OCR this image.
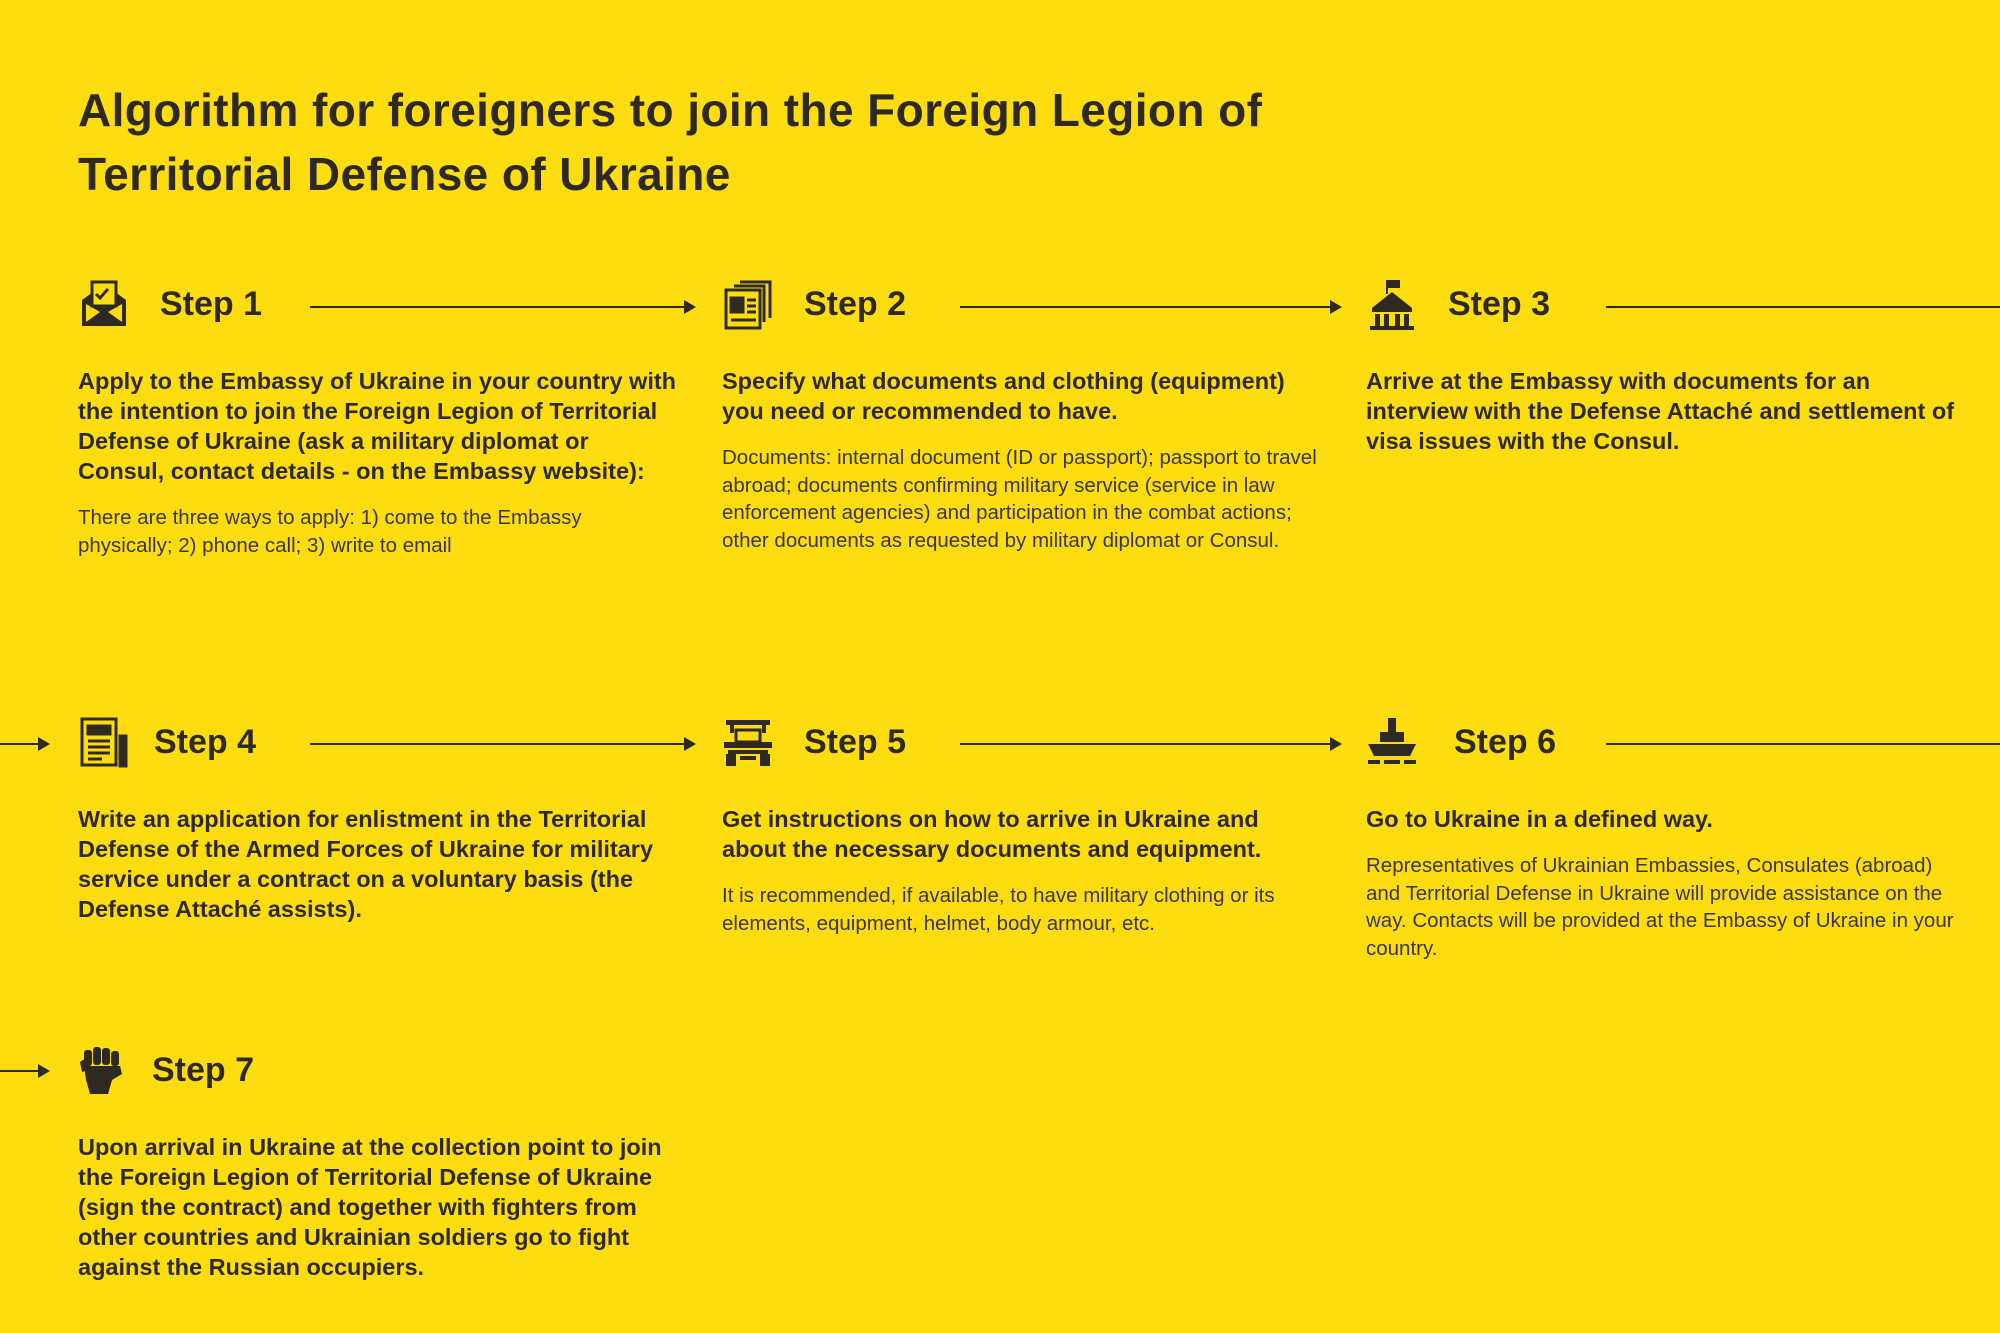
Algorithm for foreigners to join the Foreign Legion of Territorial Defense of Ukraine
Step 1

Apply to the Embassy of Ukraine in your country with the intention to join the Foreign Legion of Territorial Defense of Ukraine (ask a military diplomat or Consul, contact details - on the Embassy website):

There are three ways to apply: 1) come to the Embassy physically; 2) phone call; 3) write to email

Step 2

Specify what documents and clothing (equipment) you need or recommended to have.

Documents: internal document (ID or passport); passport to travel abroad; documents confirming military service (service in law enforcement agencies) and participation in the combat actions; other documents as requested by military diplomat or Consul.

Step 3

Arrive at the Embassy with documents for an interview with the Defense Attaché and settlement of visa issues with the Consul.

Step 4

Write an application for enlistment in the Territorial Defense of the Armed Forces of Ukraine for military service under a contract on a voluntary basis (the Defense Attaché assists).

Step 5

Get instructions on how to arrive in Ukraine and about the necessary documents and equipment.

It is recommended, if available, to have military clothing or its elements, equipment, helmet, body armour, etc.

Step 6

Go to Ukraine in a defined way.

Representatives of Ukrainian Embassies, Consulates (abroad) and Territorial Defense in Ukraine will provide assistance on the way. Contacts will be provided at the Embassy of Ukraine in your country.

Step 7

Upon arrival in Ukraine at the collection point to join the Foreign Legion of Territorial Defense of Ukraine (sign the contract) and together with fighters from other countries and Ukrainian soldiers go to fight against the Russian occupiers.
